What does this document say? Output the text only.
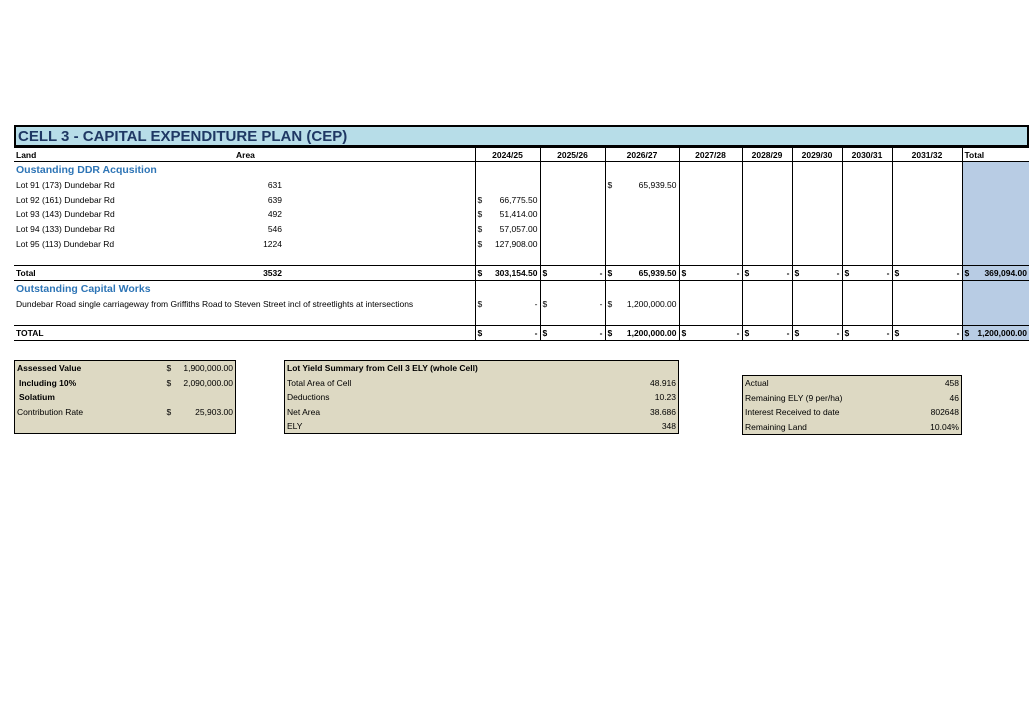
CELL 3 - CAPITAL EXPENDITURE PLAN (CEP)
Land	Area		2024/25	2025/26	2026/27	2027/28	2028/29	2029/30	2030/31	2031/32	Total
Oustanding DDR Acqusition											
Lot 91 (173) Dundebar Rd	631				$ 65,939.50						

Lot 92 (161) Dundebar Rd	639		$ 66,775.50								

Lot 93 (143) Dundebar Rd	492		$ 51,414.00								

Lot 94 (133) Dundebar Rd	546		$ 57,057.00								

Lot 95 (113) Dundebar Rd	1224		$ 127,908.00								

Total	3532		$ 303,154.50	$ -	$ 65,939.50	$ -	$ -	$ -	$ -	$ -	$ 369,094.00

Outstanding Capital Works											
Dundebar Road single carriageway from Griffiths Road to Steven Street incl of streetlights at intersections			$ -	$ -	$ 1,200,000.00						

TOTAL			$ -	$ -	$ 1,200,000.00	$ -	$ -	$ -	$ -	$ -	$ 1,200,000.00
Assessed Value	$ 1,900,000.00

Including 10%	$ 2,090,000.00

Solatium	
Contribution Rate	$ 25,903.00

Lot Yield Summary from Cell 3 ELY (whole Cell)	
Total Area of Cell	48.916
Deductions	10.23
Net Area	38.686
ELY	348
Actual	458
Remaining ELY (9 per/ha)	46
Interest Received to date	802648
Remaining Land	10.04%
